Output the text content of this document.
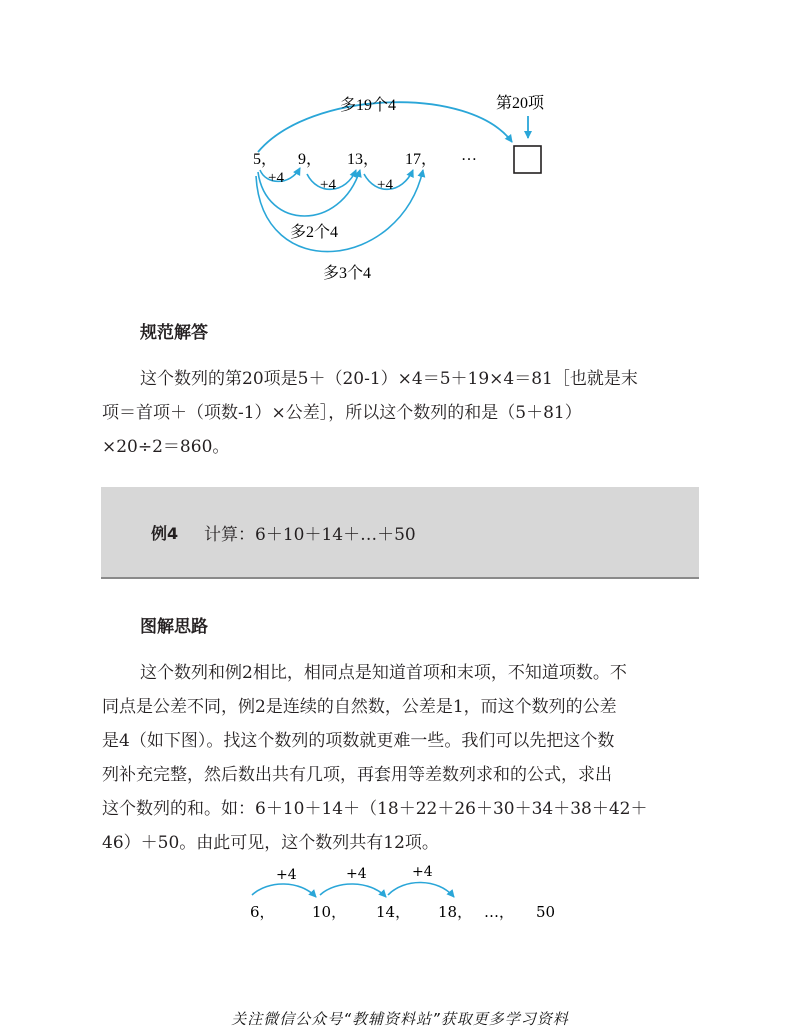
多19个4	第20项
5， 9， 13， 17， …
+4 +4	+4
多2个4
多3个4
规范解答
这个数列的第20项是5＋（20-1）×4＝5＋19×4＝81［也就是末
项＝首项＋（项数-1）×公差］，所以这个数列的和是（5＋81）
×20÷2＝860。
例4 计算：6＋10＋14＋…＋50
图解思路
这个数列和例2相比，相同点是知道首项和末项，不知道项数。不
同点是公差不同，例2是连续的自然数，公差是1，而这个数列的公差
是4（如下图）。找这个数列的项数就更难一些。我们可以先把这个数
列补充完整，然后数出共有几项，再套用等差数列求和的公式，求出
这个数列的和。如：6＋10＋14＋（18＋22＋26＋30＋34＋38＋42＋
46）＋50。由此可见，这个数列共有12项。
+4	+4	+4
6， 10， 14， 18， …， 50
关注微信公众号“教辅资料站”获取更多学习资料
